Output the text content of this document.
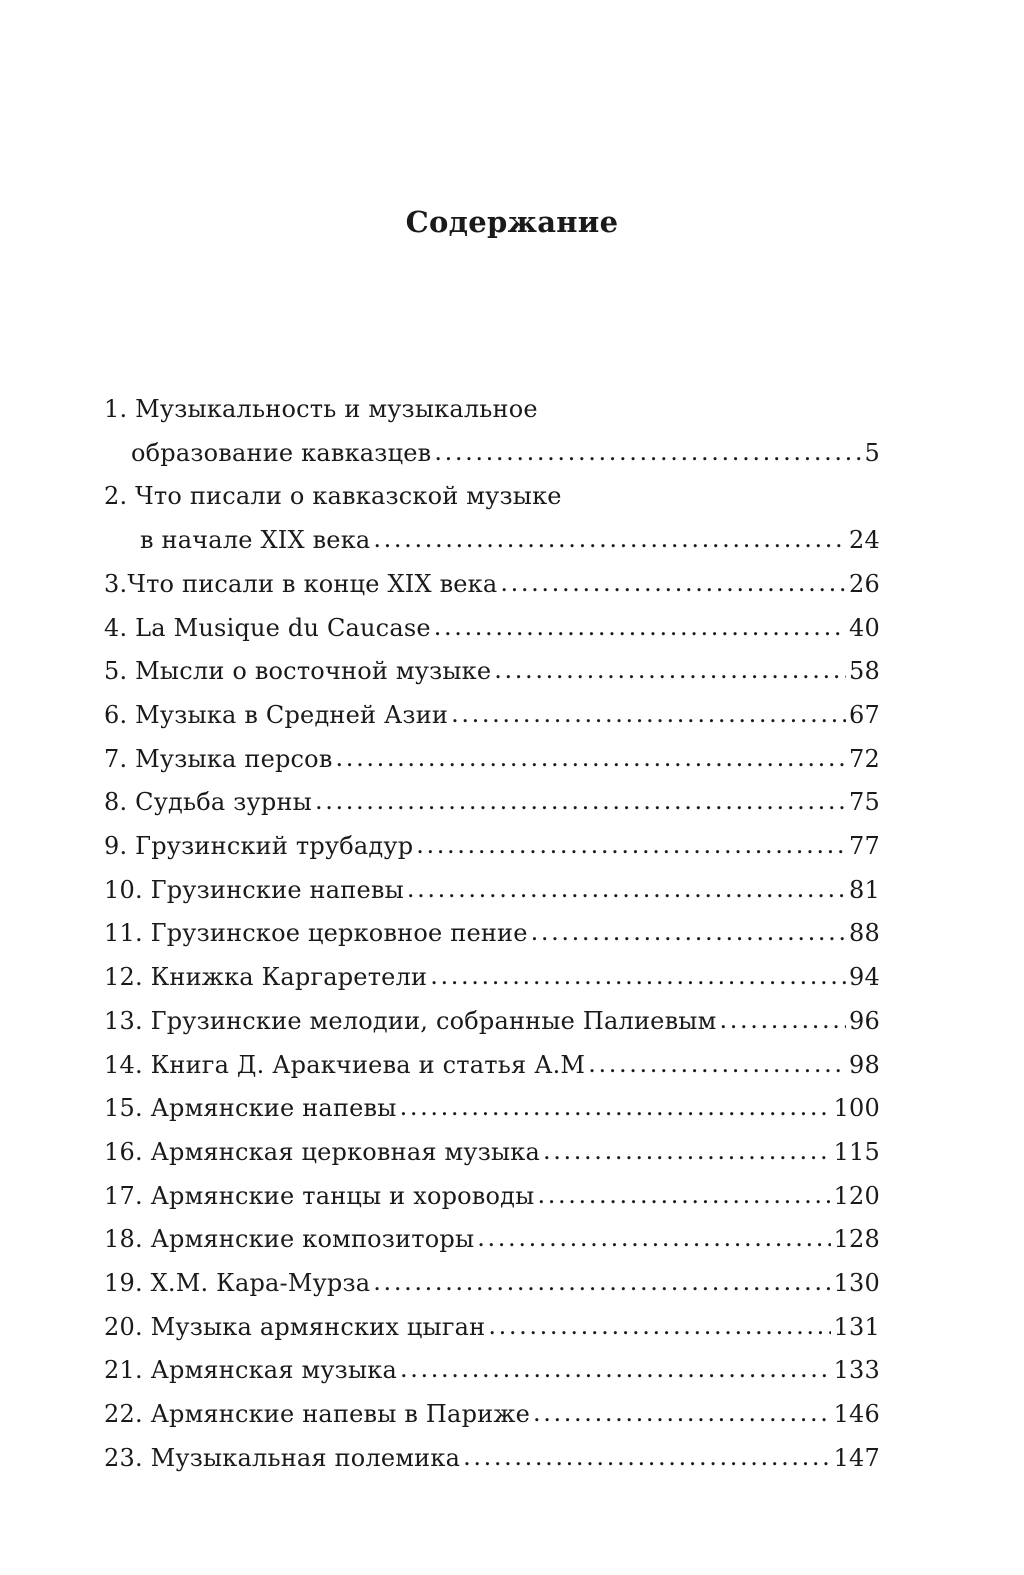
Содержание
1. Музыкальность и музыкальное
образование кавказцев . . .	5
2. Что писали о кавказской музыке
в начале XIX века . . .	24
3. Что писали в конце XIX века . . .	26
4. La Musique du Caucase . . .	40
5. Мысли о восточной музыке . . .	58
6. Музыка в Средней Азии . . .	67
7. Музыка персов . . .	72
8. Судьба зурны . . .	75
9. Грузинский трубадур . . .	77
10. Грузинские напевы . . .	81
11. Грузинское церковное пение . . .	88
12. Книжка Каргаретели . . .	94
13. Грузинские мелодии, собранные Палиевым . . .	96
14. Книга Д. Аракчиева и статья А.М . . .	98
15. Армянские напевы . . .	100
16. Армянская церковная музыка . . .	115
17. Армянские танцы и хороводы . . .	120
18. Армянские композиторы . . .	128
19. Х.М. Кара-Мурза . . .	130
20. Музыка армянских цыган . . .	131
21. Армянская музыка . . .	133
22. Армянские напевы в Париже . . .	146
23. Музыкальная полемика . . .	147
